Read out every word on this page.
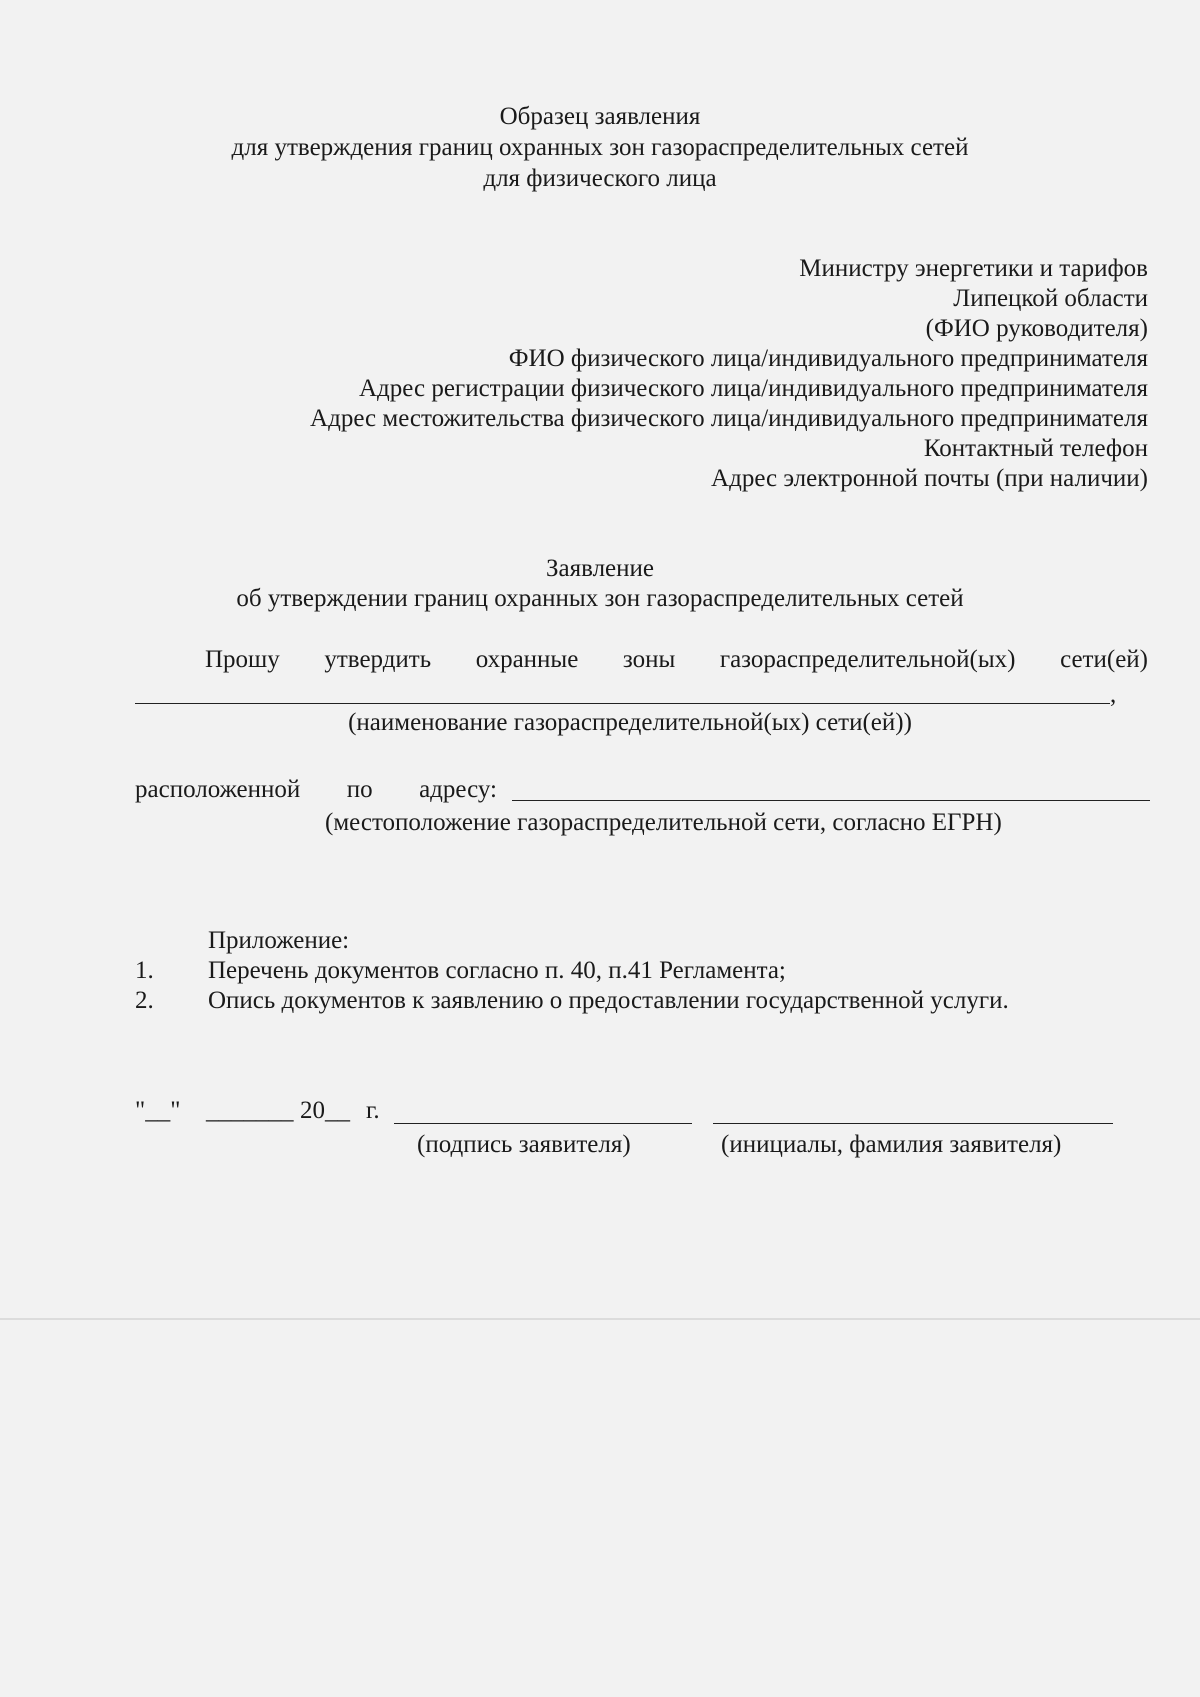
Образец заявления
для утверждения границ охранных зон газораспределительных сетей
для физического лица
Министру энергетики и тарифов
Липецкой области
(ФИО руководителя)
ФИО физического лица/индивидуального предпринимателя
Адрес регистрации физического лица/индивидуального предпринимателя
Адрес местожительства физического лица/индивидуального предпринимателя
Контактный телефон
Адрес электронной почты (при наличии)
Заявление
об утверждении границ охранных зон газораспределительных сетей
Прошу утвердить охранные зоны газораспределительной(ых) сети(ей)
,
(наименование газораспределительной(ых) сети(ей))
расположенной по адресу:
(местоположение газораспределительной сети, согласно ЕГРН)
Приложение:
1. Перечень документов согласно п. 40, п.41 Регламента;
2. Опись документов к заявлению о предоставлении государственной услуги.
"__" _______ 20__ г.
(подпись заявителя)	(инициалы, фамилия заявителя)
